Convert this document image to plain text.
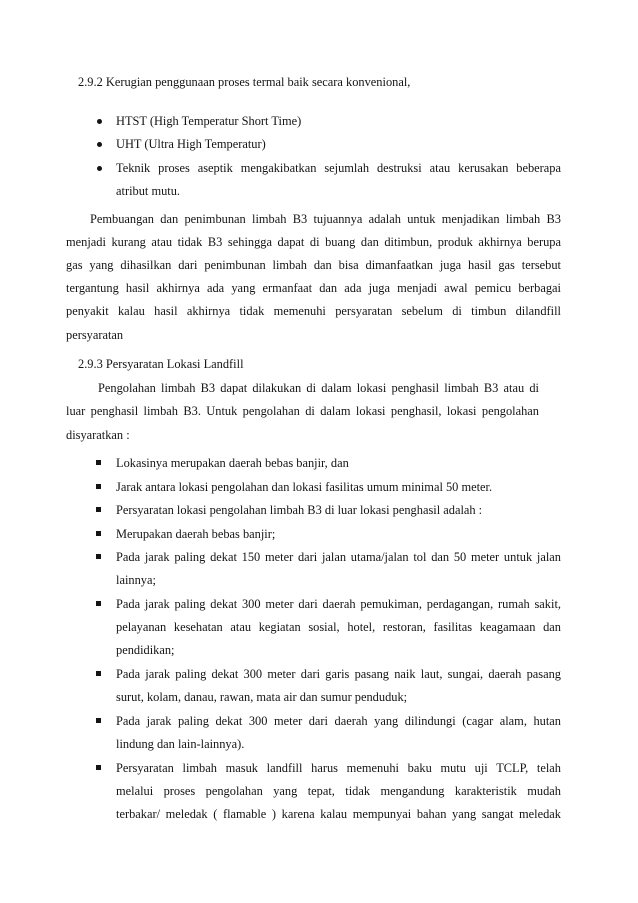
2.9.2 Kerugian penggunaan proses termal baik secara konvenional,
HTST (High Temperatur Short Time)
UHT (Ultra High Temperatur)
Teknik proses aseptik mengakibatkan sejumlah destruksi atau kerusakan beberapa
atribut mutu.
Pembuangan dan penimbunan limbah B3 tujuannya adalah untuk menjadikan limbah B3
menjadi kurang atau tidak B3 sehingga dapat di buang dan ditimbun, produk akhirnya berupa
gas yang dihasilkan dari penimbunan limbah dan bisa dimanfaatkan juga hasil gas tersebut
tergantung hasil akhirnya ada yang ermanfaat dan ada juga menjadi awal pemicu berbagai
penyakit kalau hasil akhirnya tidak memenuhi persyaratan sebelum di timbun dilandfill
persyaratan
2.9.3 Persyaratan Lokasi Landfill
Pengolahan limbah B3 dapat dilakukan di dalam lokasi penghasil limbah B3 atau di
luar penghasil limbah B3. Untuk pengolahan di dalam lokasi penghasil, lokasi pengolahan
disyaratkan :
Lokasinya merupakan daerah bebas banjir, dan
Jarak antara lokasi pengolahan dan lokasi fasilitas umum minimal 50 meter.
Persyaratan lokasi pengolahan limbah B3 di luar lokasi penghasil adalah :
Merupakan daerah bebas banjir;
Pada jarak paling dekat 150 meter dari jalan utama/jalan tol dan 50 meter untuk jalan
lainnya;
Pada jarak paling dekat 300 meter dari daerah pemukiman, perdagangan, rumah sakit,
pelayanan kesehatan atau kegiatan sosial, hotel, restoran, fasilitas keagamaan dan
pendidikan;
Pada jarak paling dekat 300 meter dari garis pasang naik laut, sungai, daerah pasang
surut, kolam, danau, rawan, mata air dan sumur penduduk;
Pada jarak paling dekat 300 meter dari daerah yang dilindungi (cagar alam, hutan
lindung dan lain-lainnya).
Persyaratan limbah masuk landfill harus memenuhi baku mutu uji TCLP, telah
melalui proses pengolahan yang tepat, tidak mengandung karakteristik mudah
terbakar/ meledak ( flamable ) karena kalau mempunyai bahan yang sangat meledak
